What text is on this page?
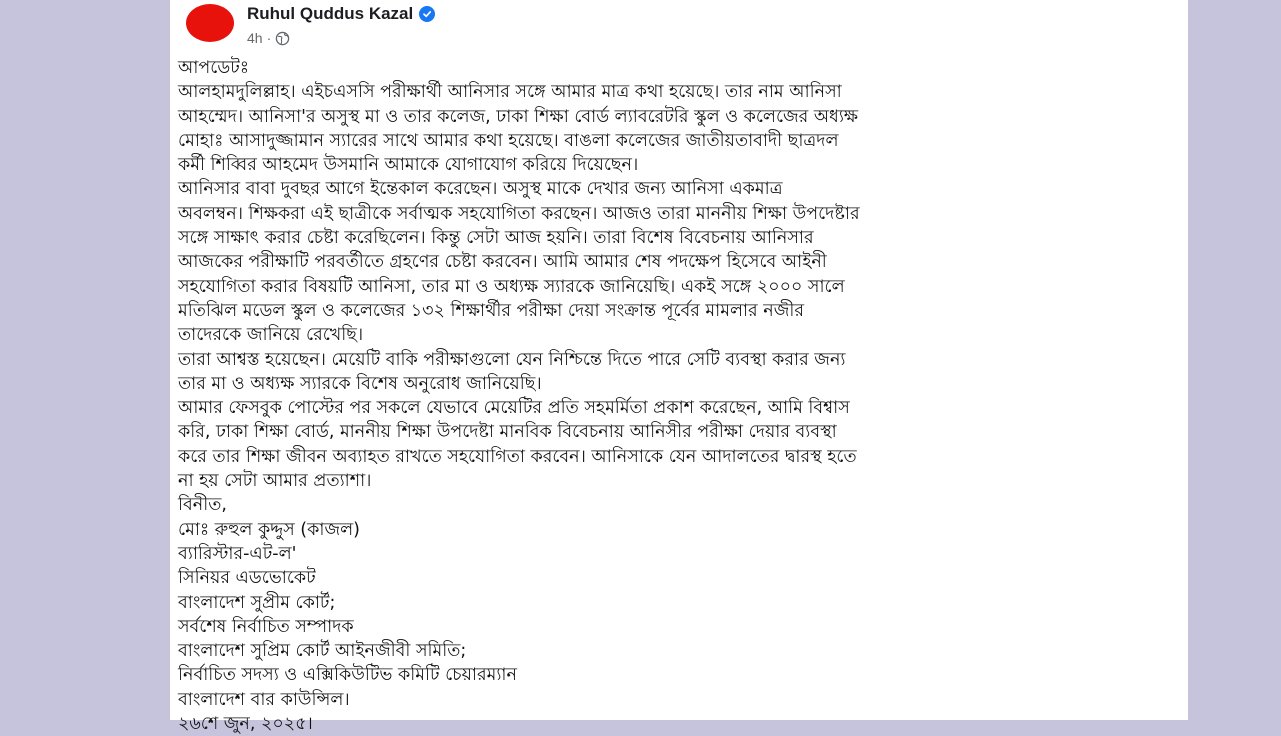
Ruhul Quddus Kazal
4h ·

আপডেটঃ

আলহামদুলিল্লাহ। এইচএসসি পরীক্ষার্থী আনিসার সঙ্গে আমার মাত্র কথা হয়েছে। তার নাম আনিসা

আহম্মেদ। আনিসা'র অসুস্থ মা ও তার কলেজ, ঢাকা শিক্ষা বোর্ড ল্যাবরেটরি স্কুল ও কলেজের অধ্যক্ষ

মোহাঃ আসাদুজ্জামান স্যারের সাথে আমার কথা হয়েছে। বাঙলা কলেজের জাতীয়তাবাদী ছাত্রদল

কর্মী শিব্বির আহমেদ উসমানি আমাকে যোগাযোগ করিয়ে দিয়েছেন।

আনিসার বাবা দুবছর আগে ইন্তেকাল করেছেন। অসুস্থ মাকে দেখার জন্য আনিসা একমাত্র

অবলম্বন। শিক্ষকরা এই ছাত্রীকে সর্বাত্মক সহযোগিতা করছেন। আজও তারা মাননীয় শিক্ষা উপদেষ্টার

সঙ্গে সাক্ষাৎ করার চেষ্টা করেছিলেন। কিন্তু সেটা আজ হয়নি। তারা বিশেষ বিবেচনায় আনিসার

আজকের পরীক্ষাটি পরবর্তীতে গ্রহণের চেষ্টা করবেন। আমি আমার শেষ পদক্ষেপ হিসেবে আইনী

সহযোগিতা করার বিষয়টি আনিসা, তার মা ও অধ্যক্ষ স্যারকে জানিয়েছি। একই সঙ্গে ২০০০ সালে

মতিঝিল মডেল স্কুল ও কলেজের ১৩২ শিক্ষার্থীর পরীক্ষা দেয়া সংক্রান্ত পূর্বের মামলার নজীর

তাদেরকে জানিয়ে রেখেছি।

তারা আশ্বস্ত হয়েছেন। মেয়েটি বাকি পরীক্ষাগুলো যেন নিশ্চিন্তে দিতে পারে সেটি ব্যবস্থা করার জন্য

তার মা ও অধ্যক্ষ স্যারকে বিশেষ অনুরোধ জানিয়েছি।

আমার ফেসবুক পোস্টের পর সকলে যেভাবে মেয়েটির প্রতি সহমর্মিতা প্রকাশ করেছেন, আমি বিশ্বাস

করি, ঢাকা শিক্ষা বোর্ড, মাননীয় শিক্ষা উপদেষ্টা মানবিক বিবেচনায় আনিসীর পরীক্ষা দেয়ার ব্যবস্থা

করে তার শিক্ষা জীবন অব্যাহত রাখতে সহযোগিতা করবেন। আনিসাকে যেন আদালতের দ্বারস্থ হতে

না হয় সেটা আমার প্রত্যাশা।

বিনীত,

মোঃ রুহুল কুদ্দুস (কাজল)

ব্যারিস্টার-এট-ল'

সিনিয়র এডভোকেট

বাংলাদেশ সুপ্রীম কোর্ট;

সর্বশেষ নির্বাচিত সম্পাদক

বাংলাদেশ সুপ্রিম কোর্ট আইনজীবী সমিতি;

নির্বাচিত সদস্য ও এক্সিকিউটিভ কমিটি চেয়ারম্যান

বাংলাদেশ বার কাউন্সিল।

২৬শে জুন, ২০২৫।
